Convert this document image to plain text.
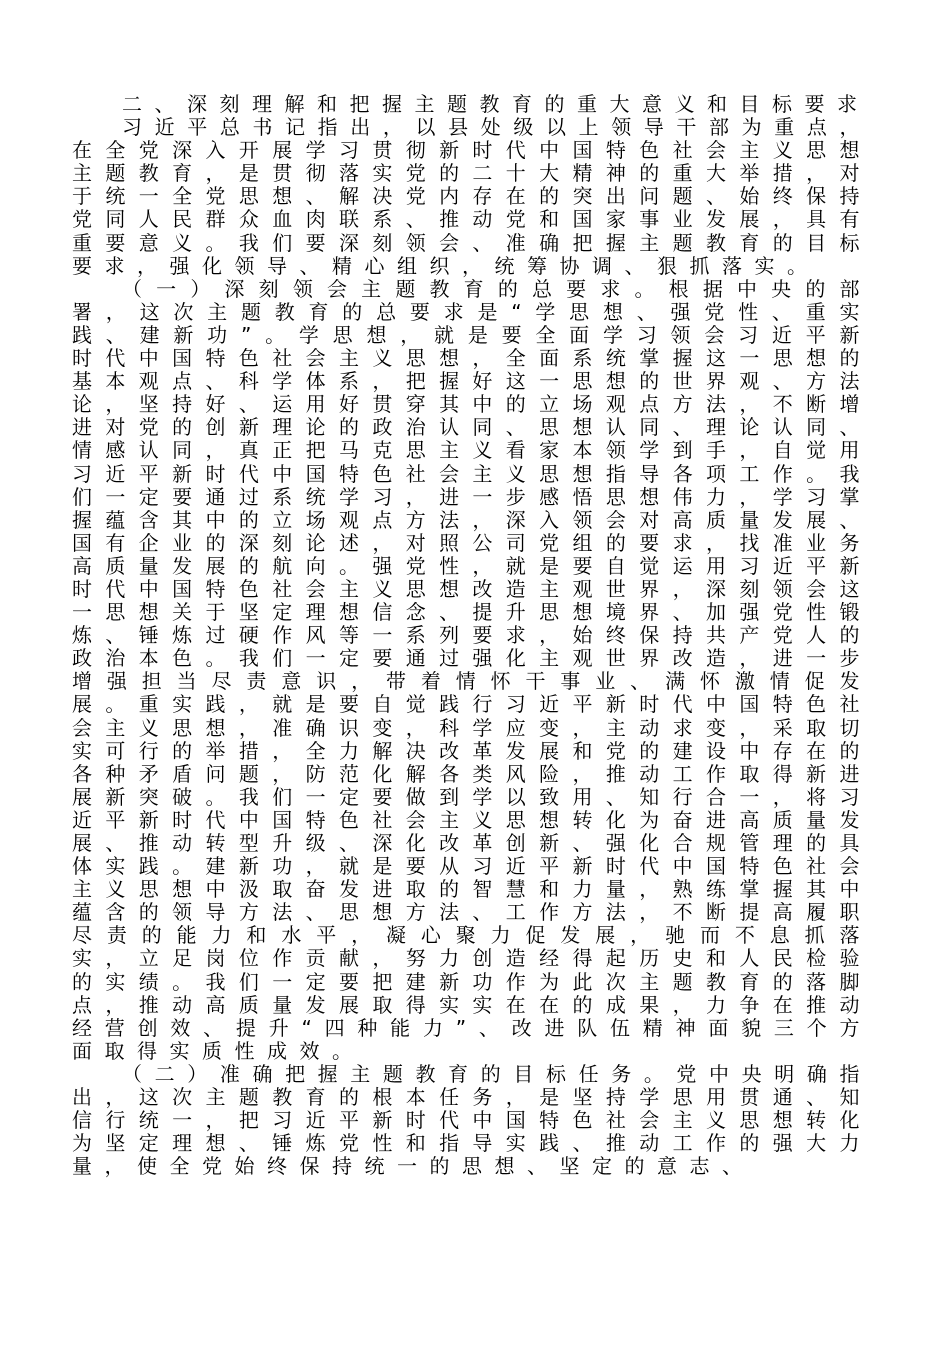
二、深刻理解和把握主题教育的重大意义和目标要求

习近平总书记指出，以县处级以上领导干部为重点，在全党深入开展学习贯彻新时代中国特色社会主义思想主题教育，是贯彻落实党的二十大精神的重大举措，对于统一全党思想、解决党内存在的突出问题、始终保持党同人民群众血肉联系、推动党和国家事业发展，具有重要意义。我们要深刻领会、准确把握主题教育的目标要求，强化领导、精心组织，统筹协调、狠抓落实。

（一）深刻领会主题教育的总要求。根据中央的部署，这次主题教育的总要求是“学思想、强党性、重实践、建新功”。学思想，就是要全面学习领会习近平新时代中国特色社会主义思想，全面系统掌握这一思想的基本观点、科学体系，把握好这一思想的世界观、方法论，坚持好、运用好贯穿其中的立场观点方法，不断增进对党的创新理论的政治认同、思想认同、理论认同、情感认同，真正把马克思主义看家本领学到手，自觉用习近平新时代中国特色社会主义思想指导各项工作。我们一定要通过系统学习，进一步感悟思想伟力，学习掌握蕴含其中的立场观点方法，深入领会对高质量发展、国有企业的深刻论述，对照公司党组的要求，找准业务高质量发展的航向。强党性，就是要自觉运用习近平新时代中国特色社会主义思想改造主观世界，深刻领会这一思想关于坚定理想信念、提升思想境界、加强党性锻炼、锤炼过硬作风等一系列要求，始终保持共产党人的政治本色。我们一定要通过强化主观世界改造，进一步增强担当尽责意识，带着情怀干事业、满怀激情促发展。重实践，就是要自觉践行习近平新时代中国特色社会主义思想，准确识变，科学应变，主动求变，采取切实可行的举措，全力解决改革发展和党的建设中存在的各种矛盾问题，防范化解各类风险，推动工作取得新进展新突破。我们一定要做到学以致用、知行合一，将习近平新时代中国特色社会主义思想转化为奋进高质量发展、推动转型升级、深化改革创新、强化合规管理的具体实践。建新功，就是要从习近平新时代中国特色社会主义思想中汲取奋发进取的智慧和力量，熟练掌握其中蕴含的领导方法、思想方法、工作方法，不断提高履职尽责的能力和水平，凝心聚力促发展，驰而不息抓落实，立足岗位作贡献，努力创造经得起历史和人民检验的实绩。我们一定要把建新功作为此次主题教育的落脚点，推动高质量发展取得实实在在的成果，力争在推动经营创效、提升“四种能力”、改进队伍精神面貌三个方面取得实质性成效。

（二）准确把握主题教育的目标任务。党中央明确指出，这次主题教育的根本任务，是坚持学思用贯通、知信行统一，把习近平新时代中国特色社会主义思想转化为坚定理想、锤炼党性和指导实践、推动工作的强大力量，使全党始终保持统一的思想、坚定的意志、
